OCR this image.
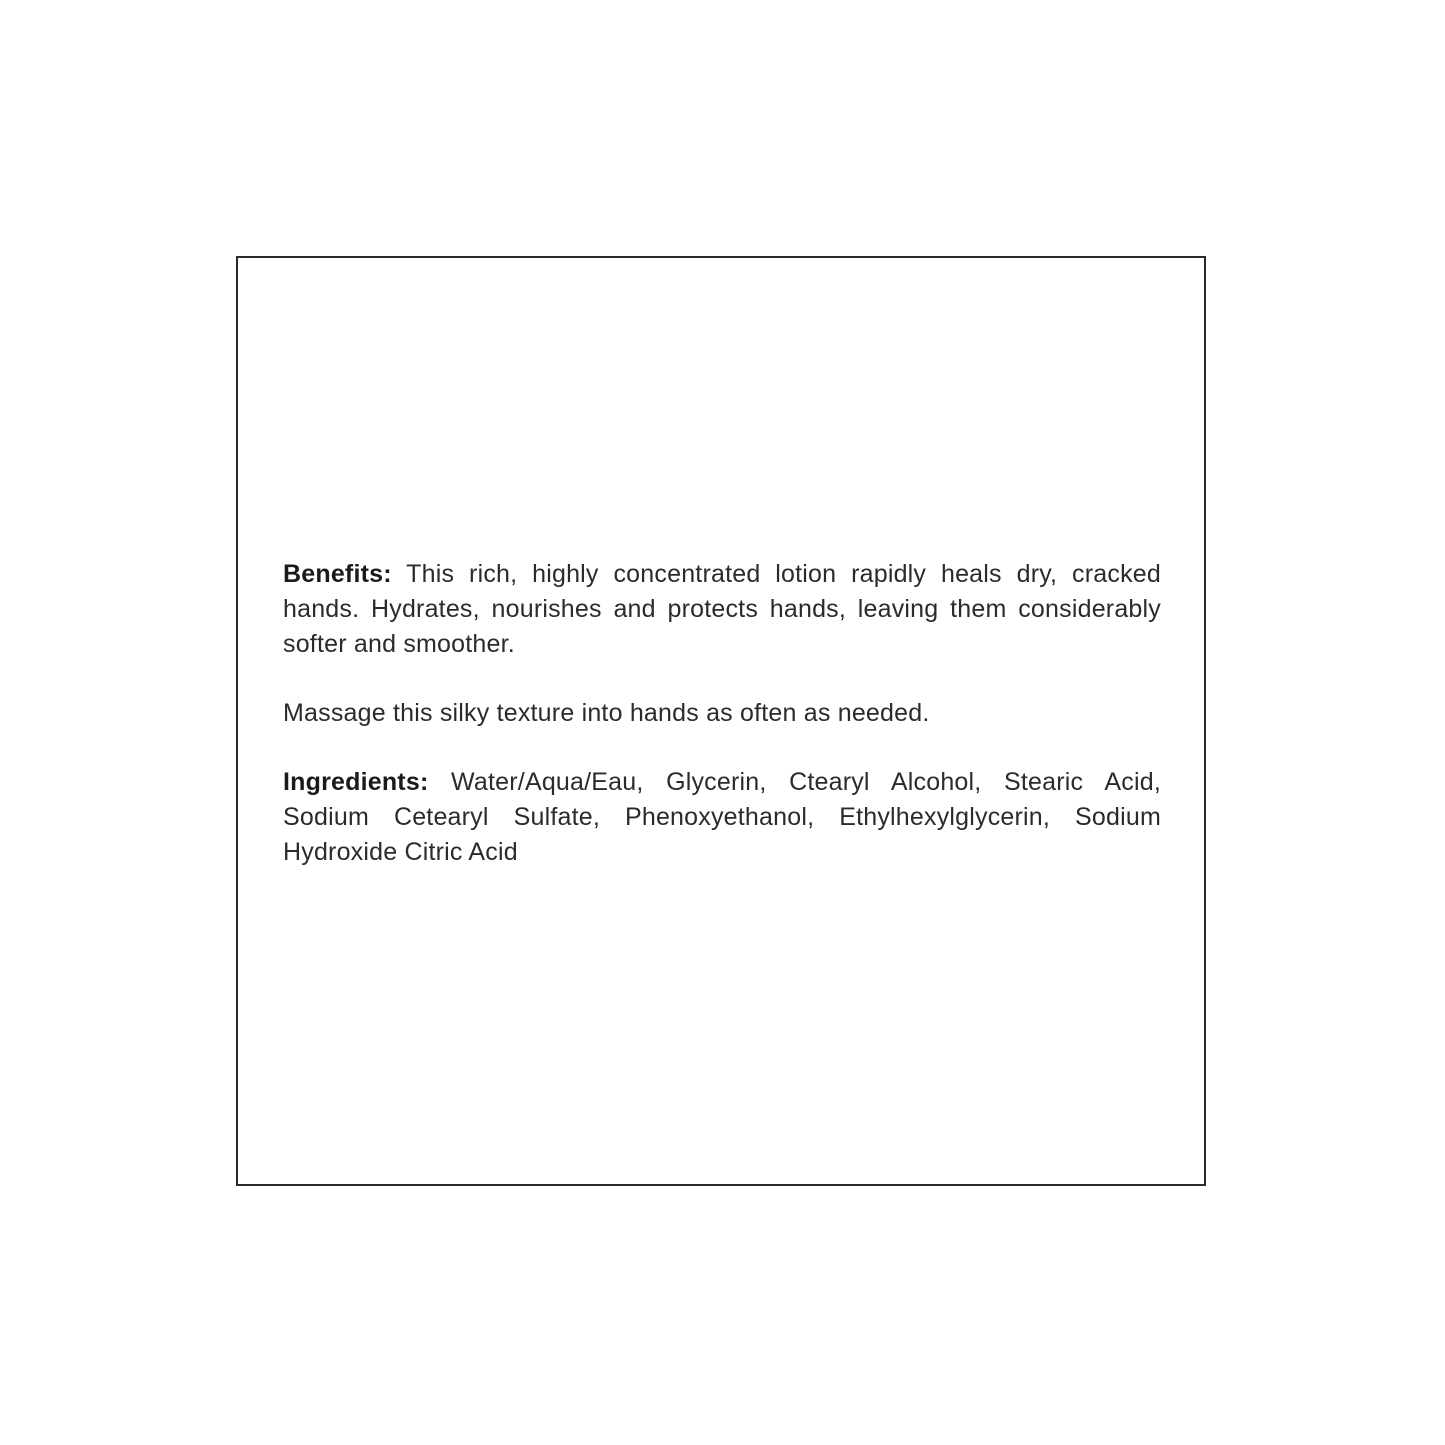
Benefits: This rich, highly concentrated lotion rapidly heals dry, cracked hands. Hydrates, nourishes and protects hands, leaving them considerably softer and smoother.

Massage this silky texture into hands as often as needed.

Ingredients: Water/Aqua/Eau, Glycerin, Ctearyl Alcohol, Stearic Acid, Sodium Cetearyl Sulfate, Phenoxyethanol, Ethylhexylglycerin, Sodium Hydroxide Citric Acid
